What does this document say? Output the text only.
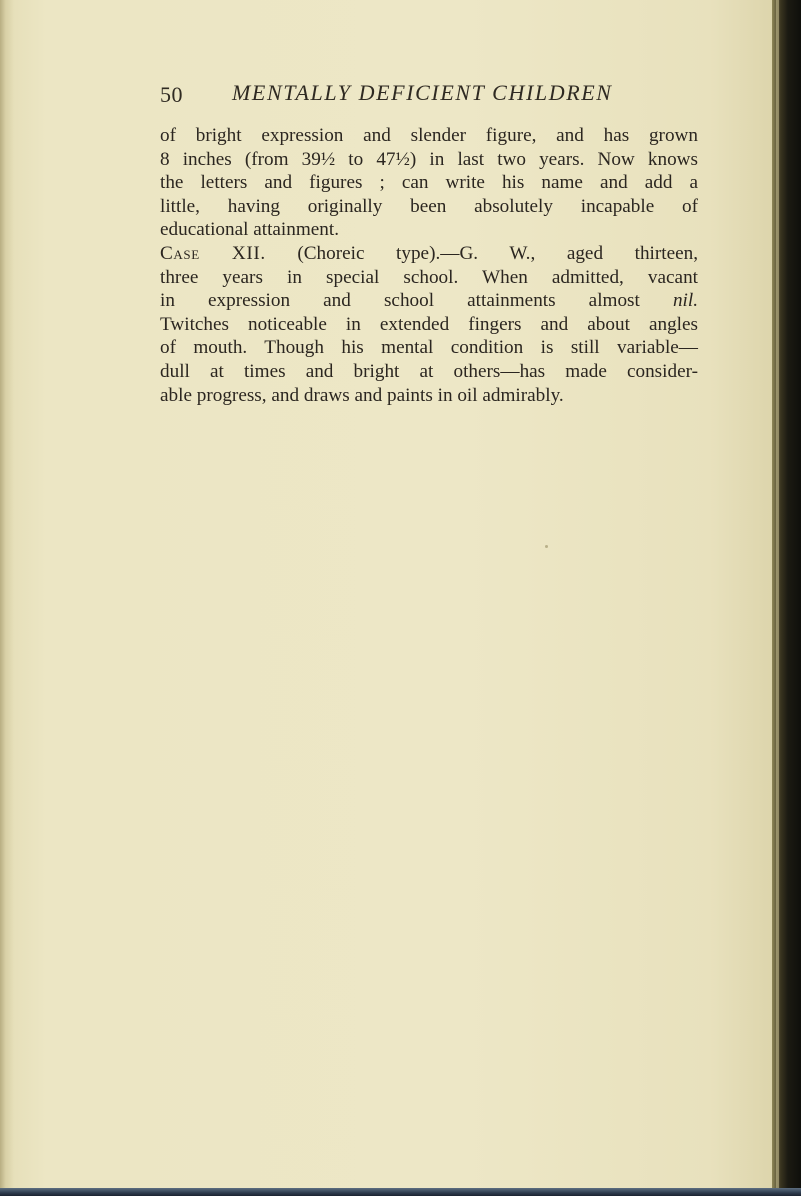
50 MENTALLY DEFICIENT CHILDREN
of bright expression and slender figure, and has grown
8 inches (from 39½ to 47½) in last two years. Now knows
the letters and figures ; can write his name and add a
little, having originally been absolutely incapable of
educational attainment.
Case XII. (Choreic type).—G. W., aged thirteen,
three years in special school. When admitted, vacant
in expression and school attainments almost nil.
Twitches noticeable in extended fingers and about angles
of mouth. Though his mental condition is still variable—
dull at times and bright at others—has made consider-
able progress, and draws and paints in oil admirably.
